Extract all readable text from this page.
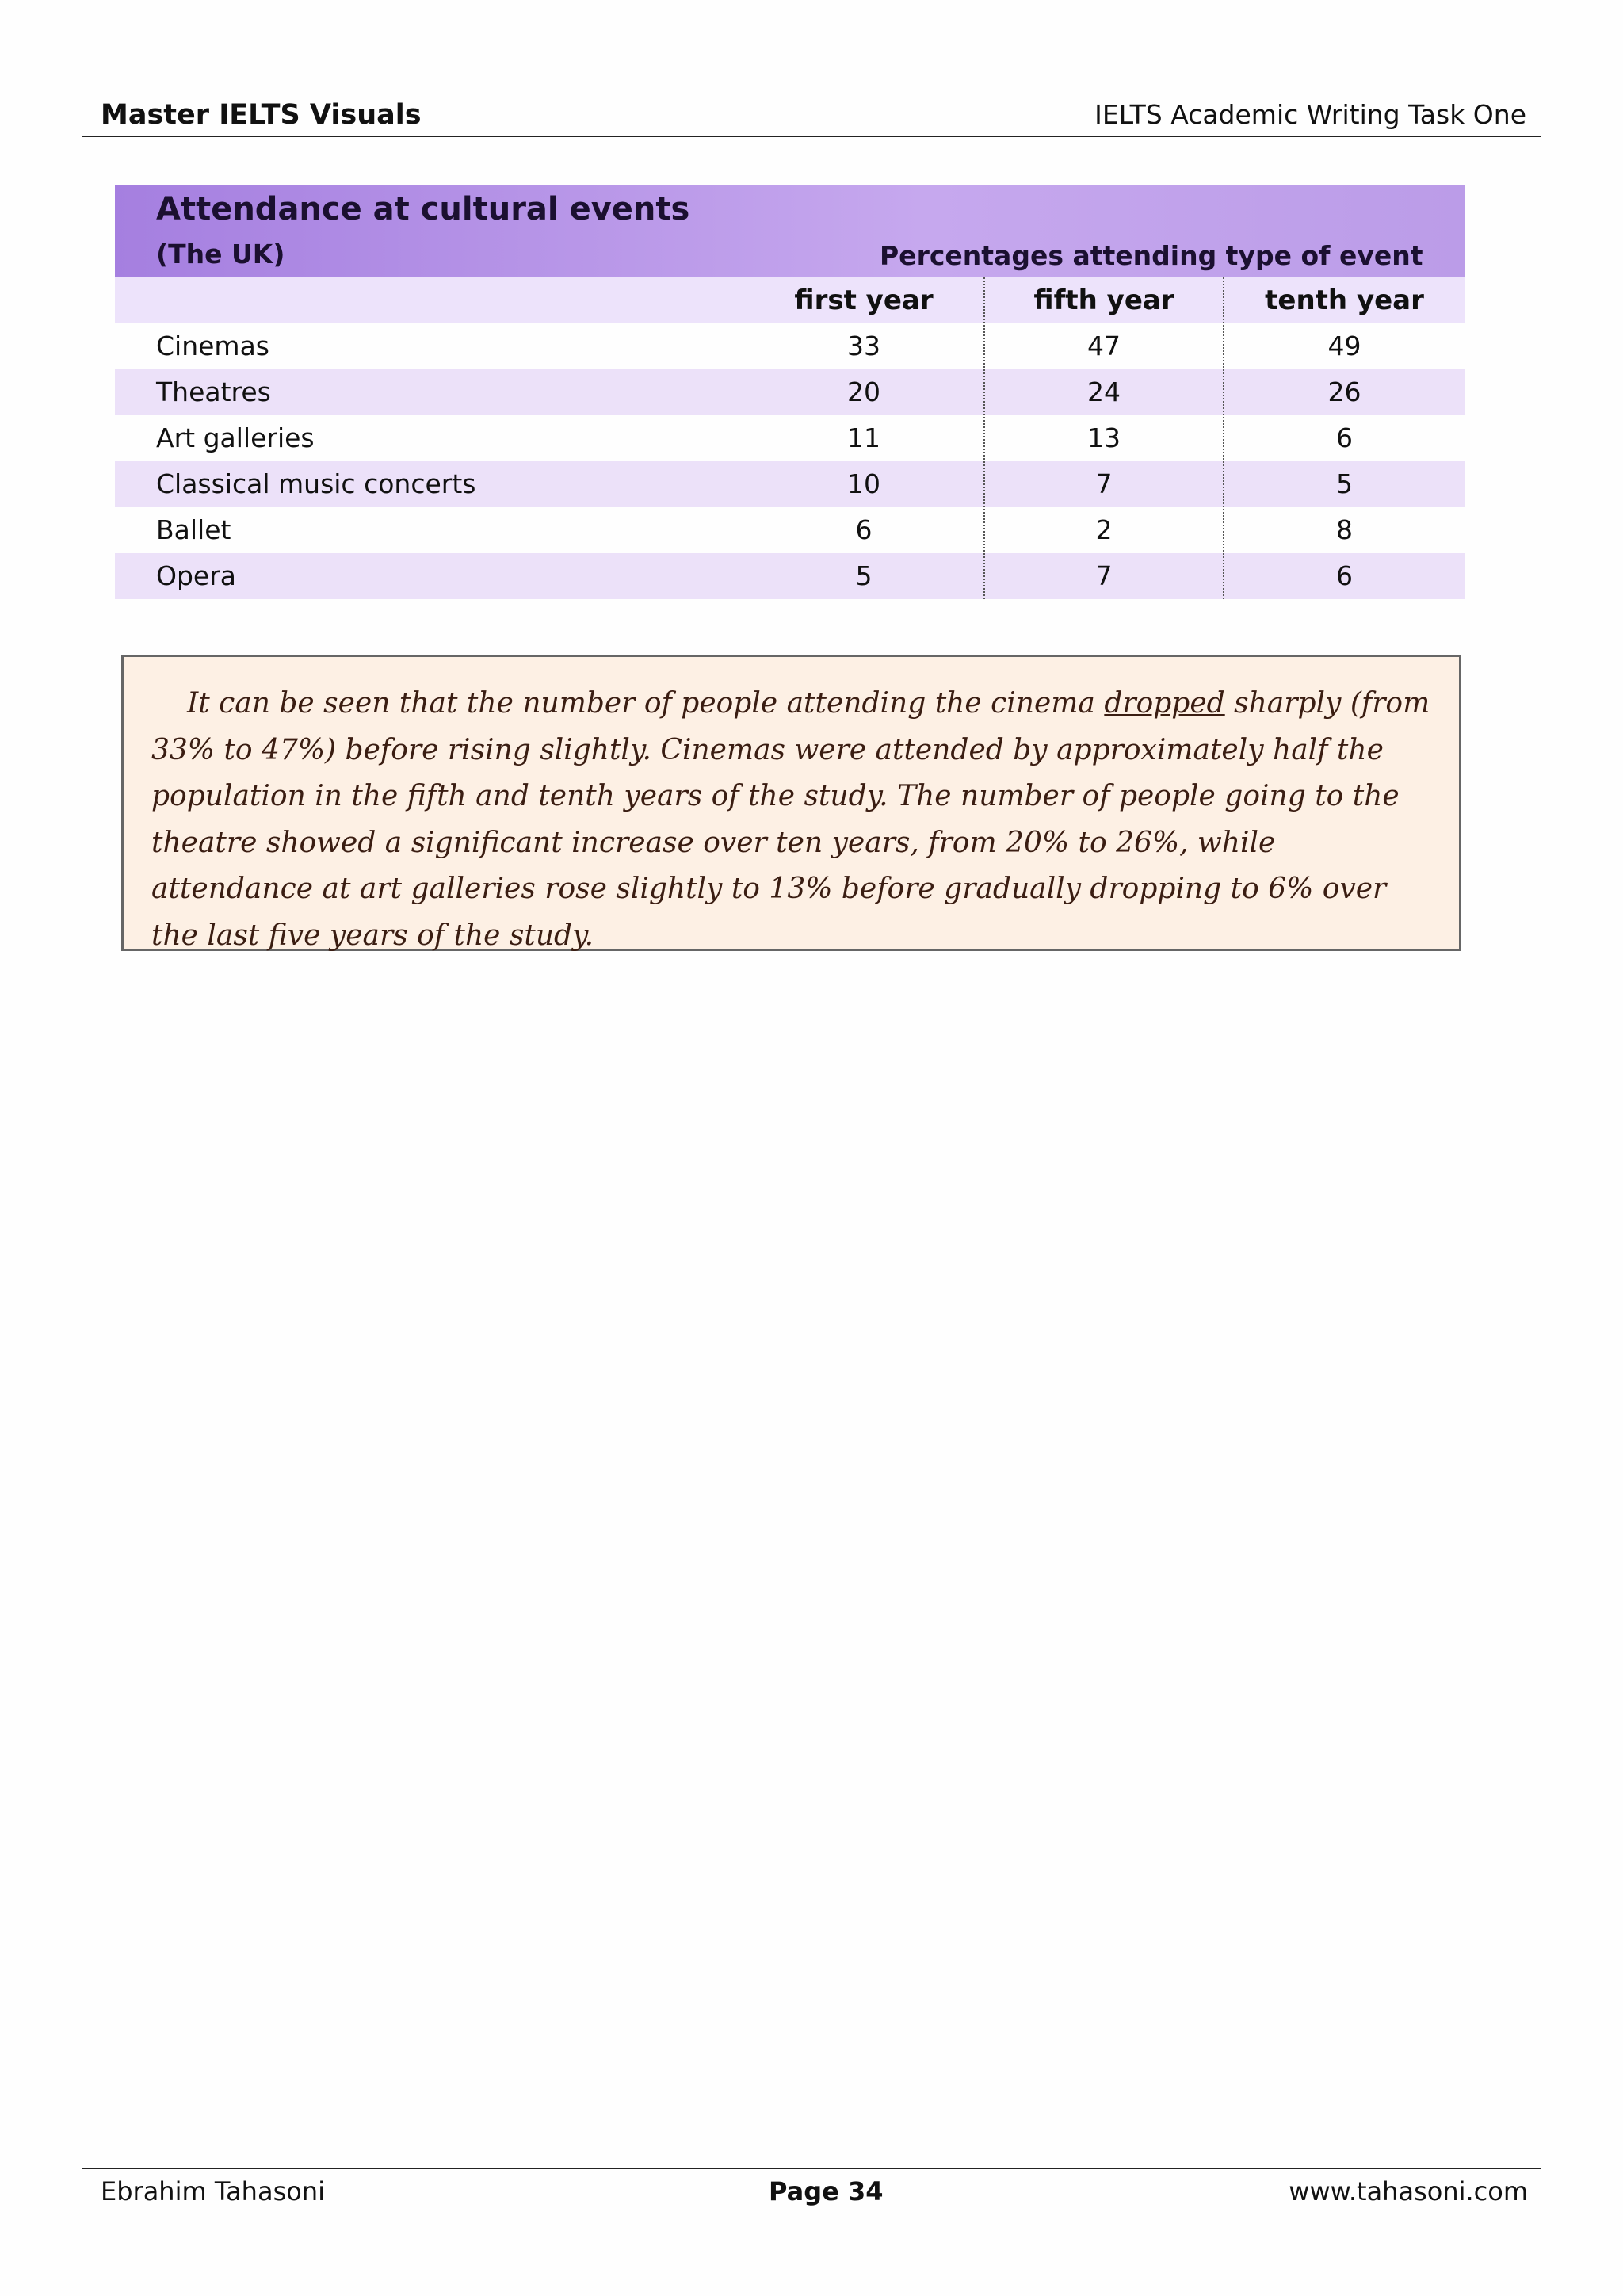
Master IELTS Visuals	IELTS Academic Writing Task One
Attendance at cultural events
(The UK)	Percentages attending type of event
first year	fifth year	tenth year
Cinemas	33	47	49
Theatres	20	24	26
Art galleries	11	13	6
Classical music concerts	10	7	5
Ballet	6	2	8
Opera	5	7	6

It can be seen that the number of people attending the cinema dropped sharply (from 33% to 47%) before rising slightly. Cinemas were attended by approximately half the population in the fifth and tenth years of the study. The number of people going to the theatre showed a significant increase over ten years, from 20% to 26%, while attendance at art galleries rose slightly to 13% before gradually dropping to 6% over the last five years of the study.

Ebrahim Tahasoni	Page 34	www.tahasoni.com
